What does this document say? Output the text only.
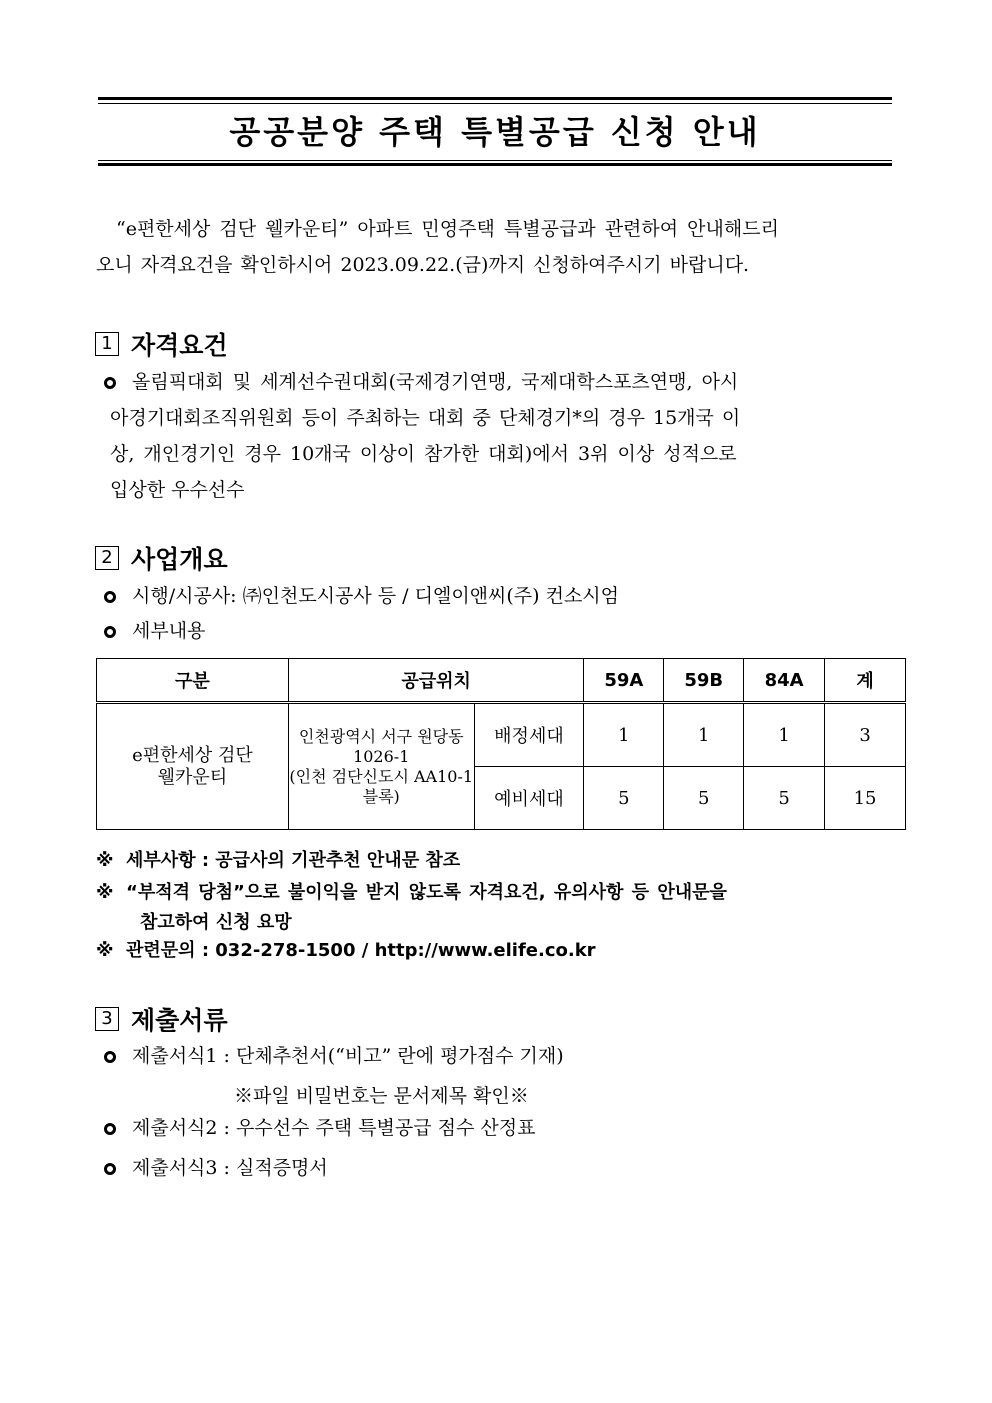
공공분양 주택 특별공급 신청 안내
“e편한세상 검단 웰카운티” 아파트 민영주택 특별공급과 관련하여 안내해드리
오니 자격요건을 확인하시어 2023.09.22.(금)까지 신청하여주시기 바랍니다.
1 자격요건
올림픽대회 및 세계선수권대회(국제경기연맹, 국제대학스포츠연맹, 아시
아경기대회조직위원회 등이 주최하는 대회 중 단체경기*의 경우 15개국 이
상, 개인경기인 경우 10개국 이상이 참가한 대회)에서 3위 이상 성적으로
입상한 우수선수
2 사업개요
시행/시공사: ㈜인천도시공사 등 / 디엘이앤씨(주) 컨소시엄
세부내용
구분	공급위치		59A	59B	84A	계

e편한세상 검단 웰카운티	인천광역시 서구 원당동
1026-1
(인천 검단신도시 AA10-1
블록)	배정세대	1	1	1	3
		예비세대	5	5	5	15
※ 세부사항 : 공급사의 기관추천 안내문 참조
※ “부적격 당첨”으로 불이익을 받지 않도록 자격요건, 유의사항 등 안내문을
참고하여 신청 요망
※ 관련문의 : 032-278-1500 / http://www.elife.co.kr
3 제출서류
제출서식1 : 단체추천서(“비고” 란에 평가점수 기재)
※파일 비밀번호는 문서제목 확인※
제출서식2 : 우수선수 주택 특별공급 점수 산정표
제출서식3 : 실적증명서
